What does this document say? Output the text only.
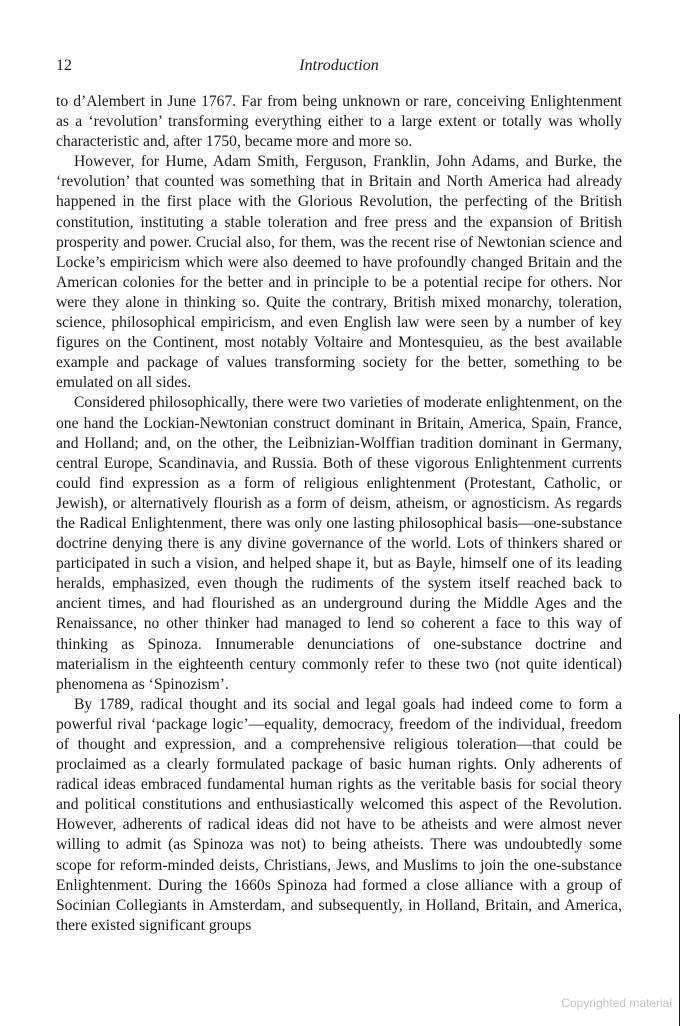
12	Introduction

to d’Alembert in June 1767. Far from being unknown or rare, conceiving Enlightenment as a ‘revolution’ transforming everything either to a large extent or totally was wholly characteristic and, after 1750, became more and more so.

However, for Hume, Adam Smith, Ferguson, Franklin, John Adams, and Burke, the ‘revolution’ that counted was something that in Britain and North America had already happened in the first place with the Glorious Revolution, the perfecting of the British constitution, instituting a stable toleration and free press and the expansion of British prosperity and power. Crucial also, for them, was the recent rise of Newtonian science and Locke’s empiricism which were also deemed to have profoundly changed Britain and the American colonies for the better and in principle to be a potential recipe for others. Nor were they alone in thinking so. Quite the contrary, British mixed monarchy, toleration, science, philosophical empiricism, and even English law were seen by a number of key figures on the Continent, most notably Voltaire and Montesquieu, as the best available example and package of values transforming society for the better, something to be emulated on all sides.

Considered philosophically, there were two varieties of moderate enlightenment, on the one hand the Lockian-Newtonian construct dominant in Britain, America, Spain, France, and Holland; and, on the other, the Leibnizian-Wolffian tradition dominant in Germany, central Europe, Scandinavia, and Russia. Both of these vigorous Enlightenment currents could find expression as a form of religious enlightenment (Protestant, Catholic, or Jewish), or alternatively flourish as a form of deism, atheism, or agnosticism. As regards the Radical Enlightenment, there was only one lasting philosophical basis—one-substance doctrine denying there is any divine governance of the world. Lots of thinkers shared or participated in such a vision, and helped shape it, but as Bayle, himself one of its leading heralds, emphasized, even though the rudiments of the system itself reached back to ancient times, and had flourished as an underground during the Middle Ages and the Renaissance, no other thinker had managed to lend so coherent a face to this way of thinking as Spinoza. Innumerable denunciations of one-substance doctrine and materialism in the eighteenth century commonly refer to these two (not quite identical) phenomena as ‘Spinozism’.

By 1789, radical thought and its social and legal goals had indeed come to form a powerful rival ‘package logic’—equality, democracy, freedom of the individual, freedom of thought and expression, and a comprehensive religious toleration—that could be proclaimed as a clearly formulated package of basic human rights. Only adherents of radical ideas embraced fundamental human rights as the veritable basis for social theory and political constitutions and enthusiastically welcomed this aspect of the Revolution. However, adherents of radical ideas did not have to be atheists and were almost never willing to admit (as Spinoza was not) to being atheists. There was undoubtedly some scope for reform-minded deists, Christians, Jews, and Muslims to join the one-substance Enlightenment. During the 1660s Spinoza had formed a close alliance with a group of Socinian Collegiants in Amsterdam, and subsequently, in Holland, Britain, and America, there existed significant groups

Copyrighted material
